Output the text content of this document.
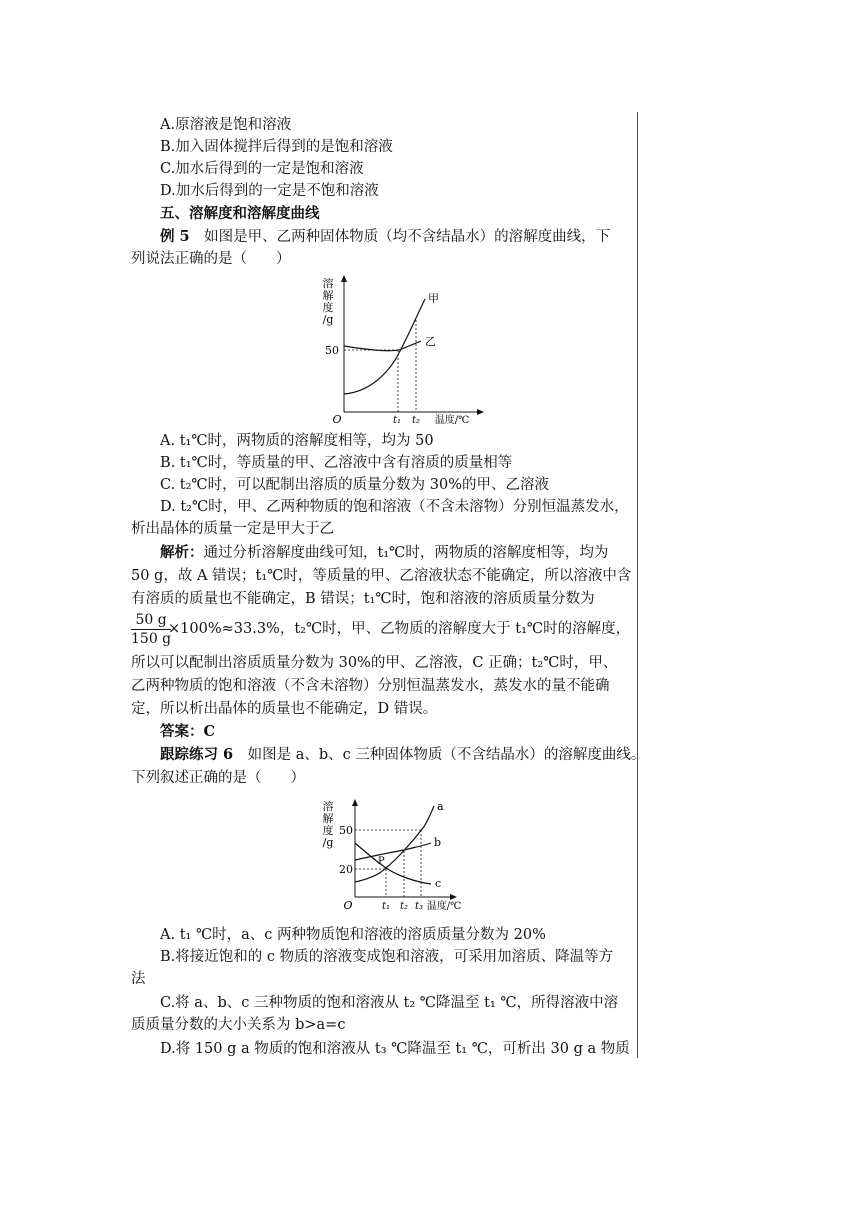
A.原溶液是饱和溶液
B.加入固体搅拌后得到的是饱和溶液
C.加水后得到的一定是饱和溶液
D.加水后得到的一定是不饱和溶液
五、溶解度和溶解度曲线
例 5　 如图是甲、乙两种固体物质（均不含结晶水）的溶解度曲线，下
列说法正确的是（　　）
溶
解
度
/g
O
50
甲
乙
t₁ t₂ 温度/℃
A. t₁℃时，两物质的溶解度相等，均为 50
B. t₁℃时，等质量的甲、乙溶液中含有溶质的质量相等
C. t₂℃时，可以配制出溶质的质量分数为 30%的甲、乙溶液
D. t₂℃时，甲、乙两种物质的饱和溶液（不含未溶物）分别恒温蒸发水，
析出晶体的质量一定是甲大于乙
解析：通过分析溶解度曲线可知，t₁℃时，两物质的溶解度相等，均为
50 g，故 A 错误；t₁℃时，等质量的甲、乙溶液状态不能确定，所以溶液中含
有溶质的质量也不能确定，B 错误；t₁℃时，饱和溶液的溶质质量分数为
$\frac{50 g}{150 g}$
×100%≈33.3%，t₂℃时，甲、乙物质的溶解度大于 t₁℃时的溶解度，
所以可以配制出溶质质量分数为 30%的甲、乙溶液，C 正确；t₂℃时，甲、
乙两种物质的饱和溶液（不含未溶物）分别恒温蒸发水，蒸发水的量不能确
定，所以析出晶体的质量也不能确定，D 错误。
答案：C
跟踪练习 6　 如图是 a、b、c 三种固体物质（不含结晶水）的溶解度曲线。
下列叙述正确的是（　　）
溶
解
度
/g
O
50
20
P
a
b
c
t₁ t₂ t₃ 温度/℃
A. t₁ ℃时，a、c 两种物质饱和溶液的溶质质量分数为 20%
B.将接近饱和的 c 物质的溶液变成饱和溶液，可采用加溶质、降温等方
法
C.将 a、b、c 三种物质的饱和溶液从 t₂ ℃降温至 t₁ ℃，所得溶液中溶
质质量分数的大小关系为 b>a=c
D.将 150 g a 物质的饱和溶液从 t₃ ℃降温至 t₁ ℃，可析出 30 g a 物质
